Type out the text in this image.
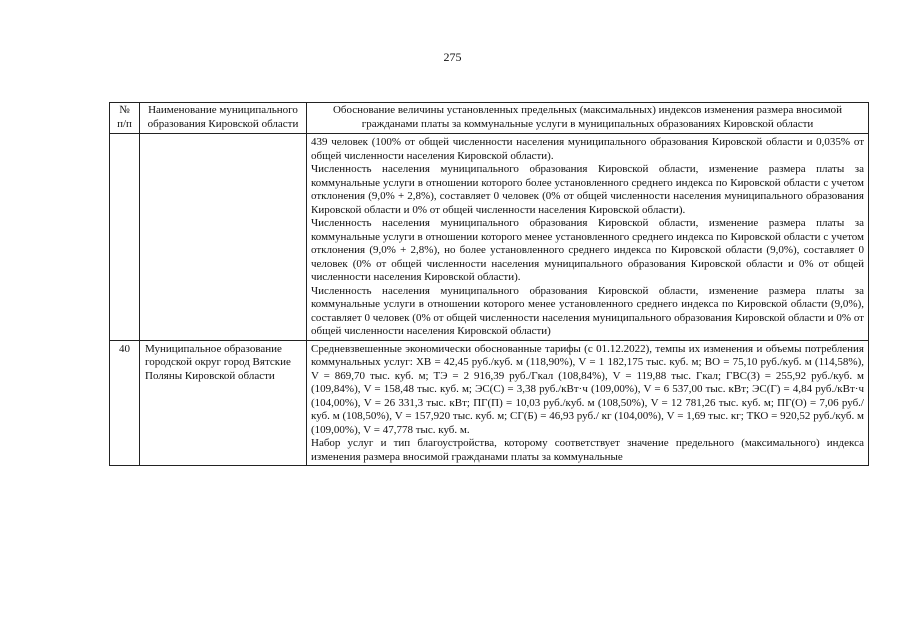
275
№
п/п	Наименование муниципального образования Кировской области	Обоснование величины установленных предельных (максимальных) индексов изменения размера вносимой гражданами платы за коммунальные услуги в муниципальных образованиях Кировской области

		439 человек (100% от общей численности населения муниципального образования Кировской области и 0,035% от общей численности населения Кировской области).

Численность населения муниципального образования Кировской области, изменение размера платы за коммунальные услуги в отношении которого более установленного среднего индекса по Кировской области с учетом отклонения (9,0% + 2,8%), составляет 0 человек (0% от общей численности населения муниципального образования Кировской области и 0% от общей численности населения Кировской области).

Численность населения муниципального образования Кировской области, изменение размера платы за коммунальные услуги в отношении которого менее установленного среднего индекса по Кировской области с учетом отклонения (9,0% + 2,8%), но более установленного среднего индекса по Кировской области (9,0%), составляет 0 человек (0% от общей численности населения муниципального образования Кировской области и 0% от общей численности населения Кировской области).

Численность населения муниципального образования Кировской области, изменение размера платы за коммунальные услуги в отношении которого менее установленного среднего индекса по Кировской области (9,0%), составляет 0 человек (0% от общей численности населения муниципального образования Кировской области и 0% от общей численности населения Кировской области)

40	Муниципальное образование городской округ город Вятские Поляны Кировской области	Средневзвешенные экономически обоснованные тарифы (с 01.12.2022), темпы их изменения и объемы потребления коммунальных услуг: ХВ = 42,45 руб./куб. м (118,90%), V = 1 182,175 тыс. куб. м; ВО = 75,10 руб./куб. м (114,58%), V = 869,70 тыс. куб. м; ТЭ = 2 916,39 руб./Гкал (108,84%), V = 119,88 тыс. Гкал; ГВС(З) = 255,92 руб./куб. м (109,84%), V = 158,48 тыс. куб. м; ЭС(С) = 3,38 руб./кВт·ч (109,00%), V = 6 537,00 тыс. кВт; ЭС(Г) = 4,84 руб./кВт·ч (104,00%), V = 26 331,3 тыс. кВт; ПГ(П) = 10,03 руб./куб. м (108,50%), V = 12 781,26 тыс. куб. м; ПГ(О) = 7,06 руб./куб. м (108,50%), V = 157,920 тыс. куб. м; СГ(Б) = 46,93 руб./ кг (104,00%), V = 1,69 тыс. кг; ТКО = 920,52 руб./куб. м (109,00%), V = 47,778 тыс. куб. м.

Набор услуг и тип благоустройства, которому соответствует значение предельного (максимального) индекса изменения размера вносимой гражданами платы за коммунальные
